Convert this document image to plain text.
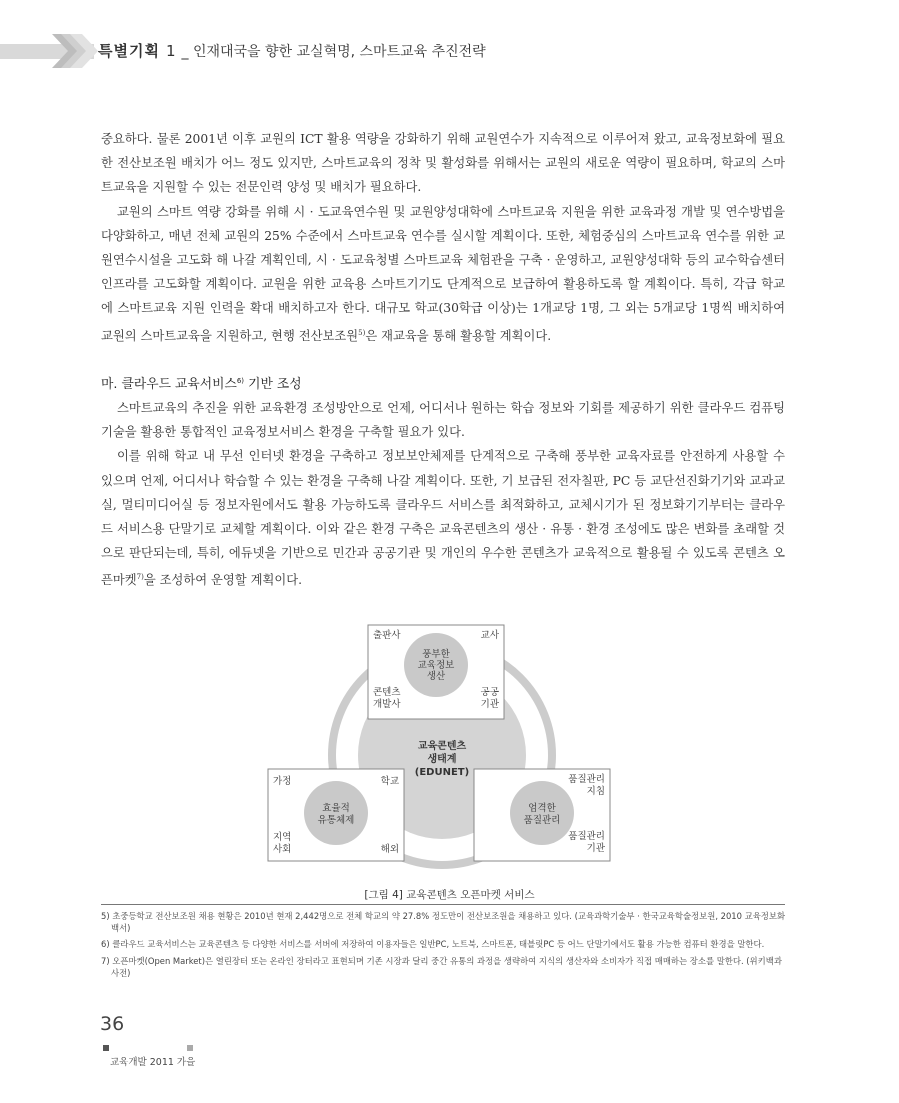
특별기획 1 _ 인재대국을 향한 교실혁명, 스마트교육 추진전략

중요하다. 물론 2001년 이후 교원의 ICT 활용 역량을 강화하기 위해 교원연수가 지속적으로 이루어져 왔고, 교육정보화에 필요한 전산보조원 배치가 어느 정도 있지만, 스마트교육의 정착 및 활성화를 위해서는 교원의 새로운 역량이 필요하며, 학교의 스마트교육을 지원할 수 있는 전문인력 양성 및 배치가 필요하다.

교원의 스마트 역량 강화를 위해 시 · 도교육연수원 및 교원양성대학에 스마트교육 지원을 위한 교육과정 개발 및 연수방법을 다양화하고, 매년 전체 교원의 25% 수준에서 스마트교육 연수를 실시할 계획이다. 또한, 체험중심의 스마트교육 연수를 위한 교원연수시설을 고도화 해 나갈 계획인데, 시 · 도교육청별 스마트교육 체험관을 구축 · 운영하고, 교원양성대학 등의 교수학습센터 인프라를 고도화할 계획이다. 교원을 위한 교육용 스마트기기도 단계적으로 보급하여 활용하도록 할 계획이다. 특히, 각급 학교에 스마트교육 지원 인력을 확대 배치하고자 한다. 대규모 학교(30학급 이상)는 1개교당 1명, 그 외는 5개교당 1명씩 배치하여 교원의 스마트교육을 지원하고, 현행 전산보조원$^{5)}$은 재교육을 통해 활용할 계획이다.

마. 클라우드 교육서비스$^{6)}$ 기반 조성

스마트교육의 추진을 위한 교육환경 조성방안으로 언제, 어디서나 원하는 학습 정보와 기회를 제공하기 위한 클라우드 컴퓨팅 기술을 활용한 통합적인 교육정보서비스 환경을 구축할 필요가 있다.

이를 위해 학교 내 무선 인터넷 환경을 구축하고 정보보안체제를 단계적으로 구축해 풍부한 교육자료를 안전하게 사용할 수 있으며 언제, 어디서나 학습할 수 있는 환경을 구축해 나갈 계획이다. 또한, 기 보급된 전자칠판, PC 등 교단선진화기기와 교과교실, 멀티미디어실 등 정보자원에서도 활용 가능하도록 클라우드 서비스를 최적화하고, 교체시기가 된 정보화기기부터는 클라우드 서비스용 단말기로 교체할 계획이다. 이와 같은 환경 구축은 교육콘텐츠의 생산 · 유통 · 환경 조성에도 많은 변화를 초래할 것으로 판단되는데, 특히, 에듀넷을 기반으로 민간과 공공기관 및 개인의 우수한 콘텐츠가 교육적으로 활용될 수 있도록 콘텐츠 오픈마켓$^{7)}$을 조성하여 운영할 계획이다.

교육콘텐츠
생태계
(EDUNET)
풍부한
교육정보
생산
출판사	교사
콘텐츠
개발사
공공
기관
효율적
유통체제
가정	학교
지역
사회	해외
엄격한
품질관리
품질관리
지침
품질관리
기관
[그림 4] 교육콘텐츠 오픈마켓 서비스

5) 초중등학교 전산보조원 채용 현황은 2010년 현재 2,442명으로 전체 학교의 약 27.8% 정도만이 전산보조원을 채용하고 있다. (교육과학기술부 · 한국교육학술정보원, 2010 교육정보화 백서)

6) 클라우드 교육서비스는 교육콘텐츠 등 다양한 서비스를 서버에 저장하여 이용자들은 일반PC, 노트북, 스마트폰, 태블릿PC 등 어느 단말기에서도 활용 가능한 컴퓨터 환경을 말한다.

7) 오픈마켓(Open Market)은 열린장터 또는 온라인 장터라고 표현되며 기존 시장과 달리 중간 유통의 과정을 생략하여 지식의 생산자와 소비자가 직접 매매하는 장소를 말한다. (위키백과사전)

36
교육개발 2011 가을
